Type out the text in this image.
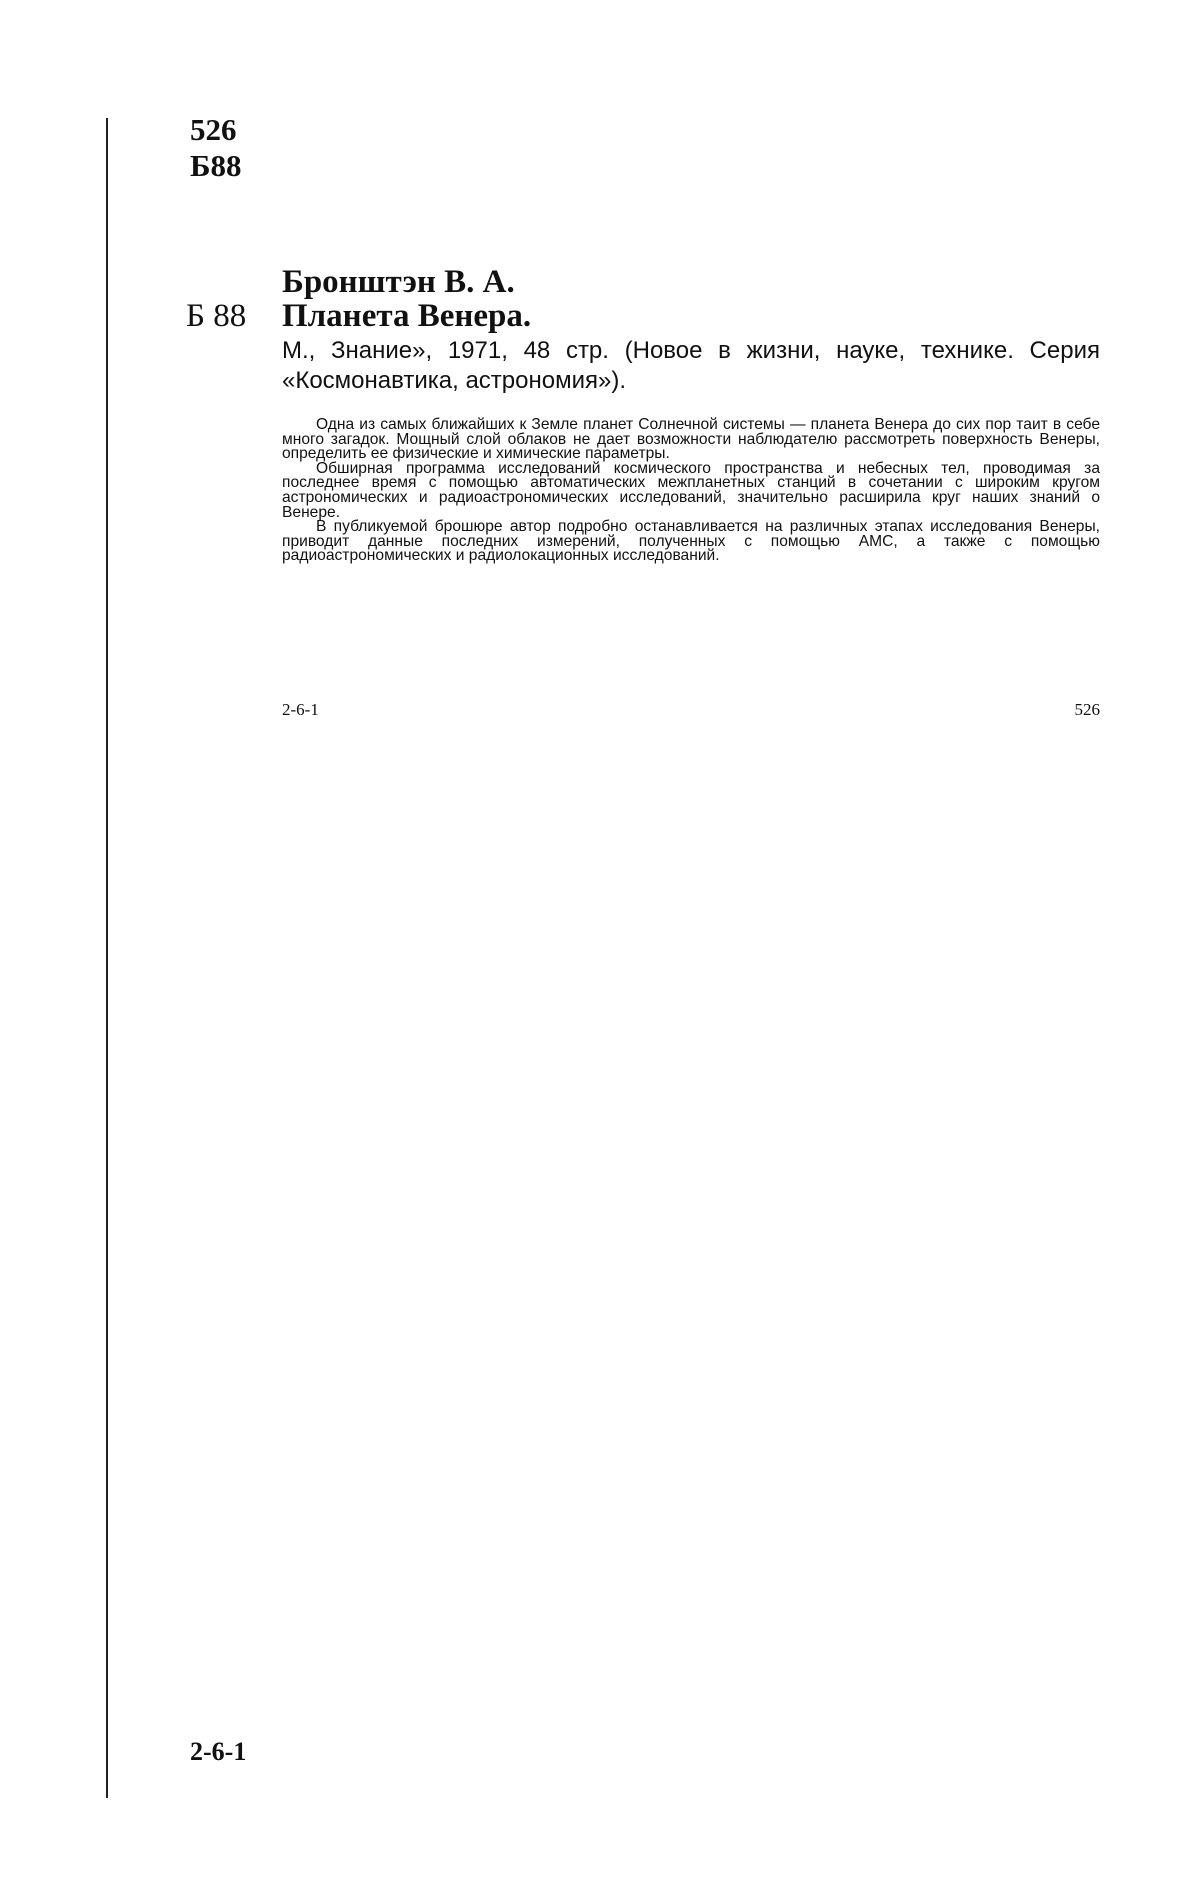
526
Б88
Бронштэн В. А.
Б 88 Планета Венера.
М., Знание», 1971, 48 стр. (Новое в жизни, науке, технике. Серия «Космонавтика, астрономия»).

Одна из самых ближайших к Земле планет Солнечной системы — планета Венера до сих пор таит в себе много загадок. Мощный слой облаков не дает возможности наблюдателю рассмотреть поверхность Венеры, определить ее физические и химические параметры.

Обширная программа исследований космического пространства и небесных тел, проводимая за последнее время с помощью автоматических межпланетных станций в сочетании с широким кругом астрономических и радиоастрономических исследований, значительно расширила круг наших знаний о Венере.

В публикуемой брошюре автор подробно останавливается на различных этапах исследования Венеры, приводит данные последних измерений, полученных с помощью АМС, а также с помощью радиоастрономических и радиолокационных исследований.

2-6-1	526
2-6-1
